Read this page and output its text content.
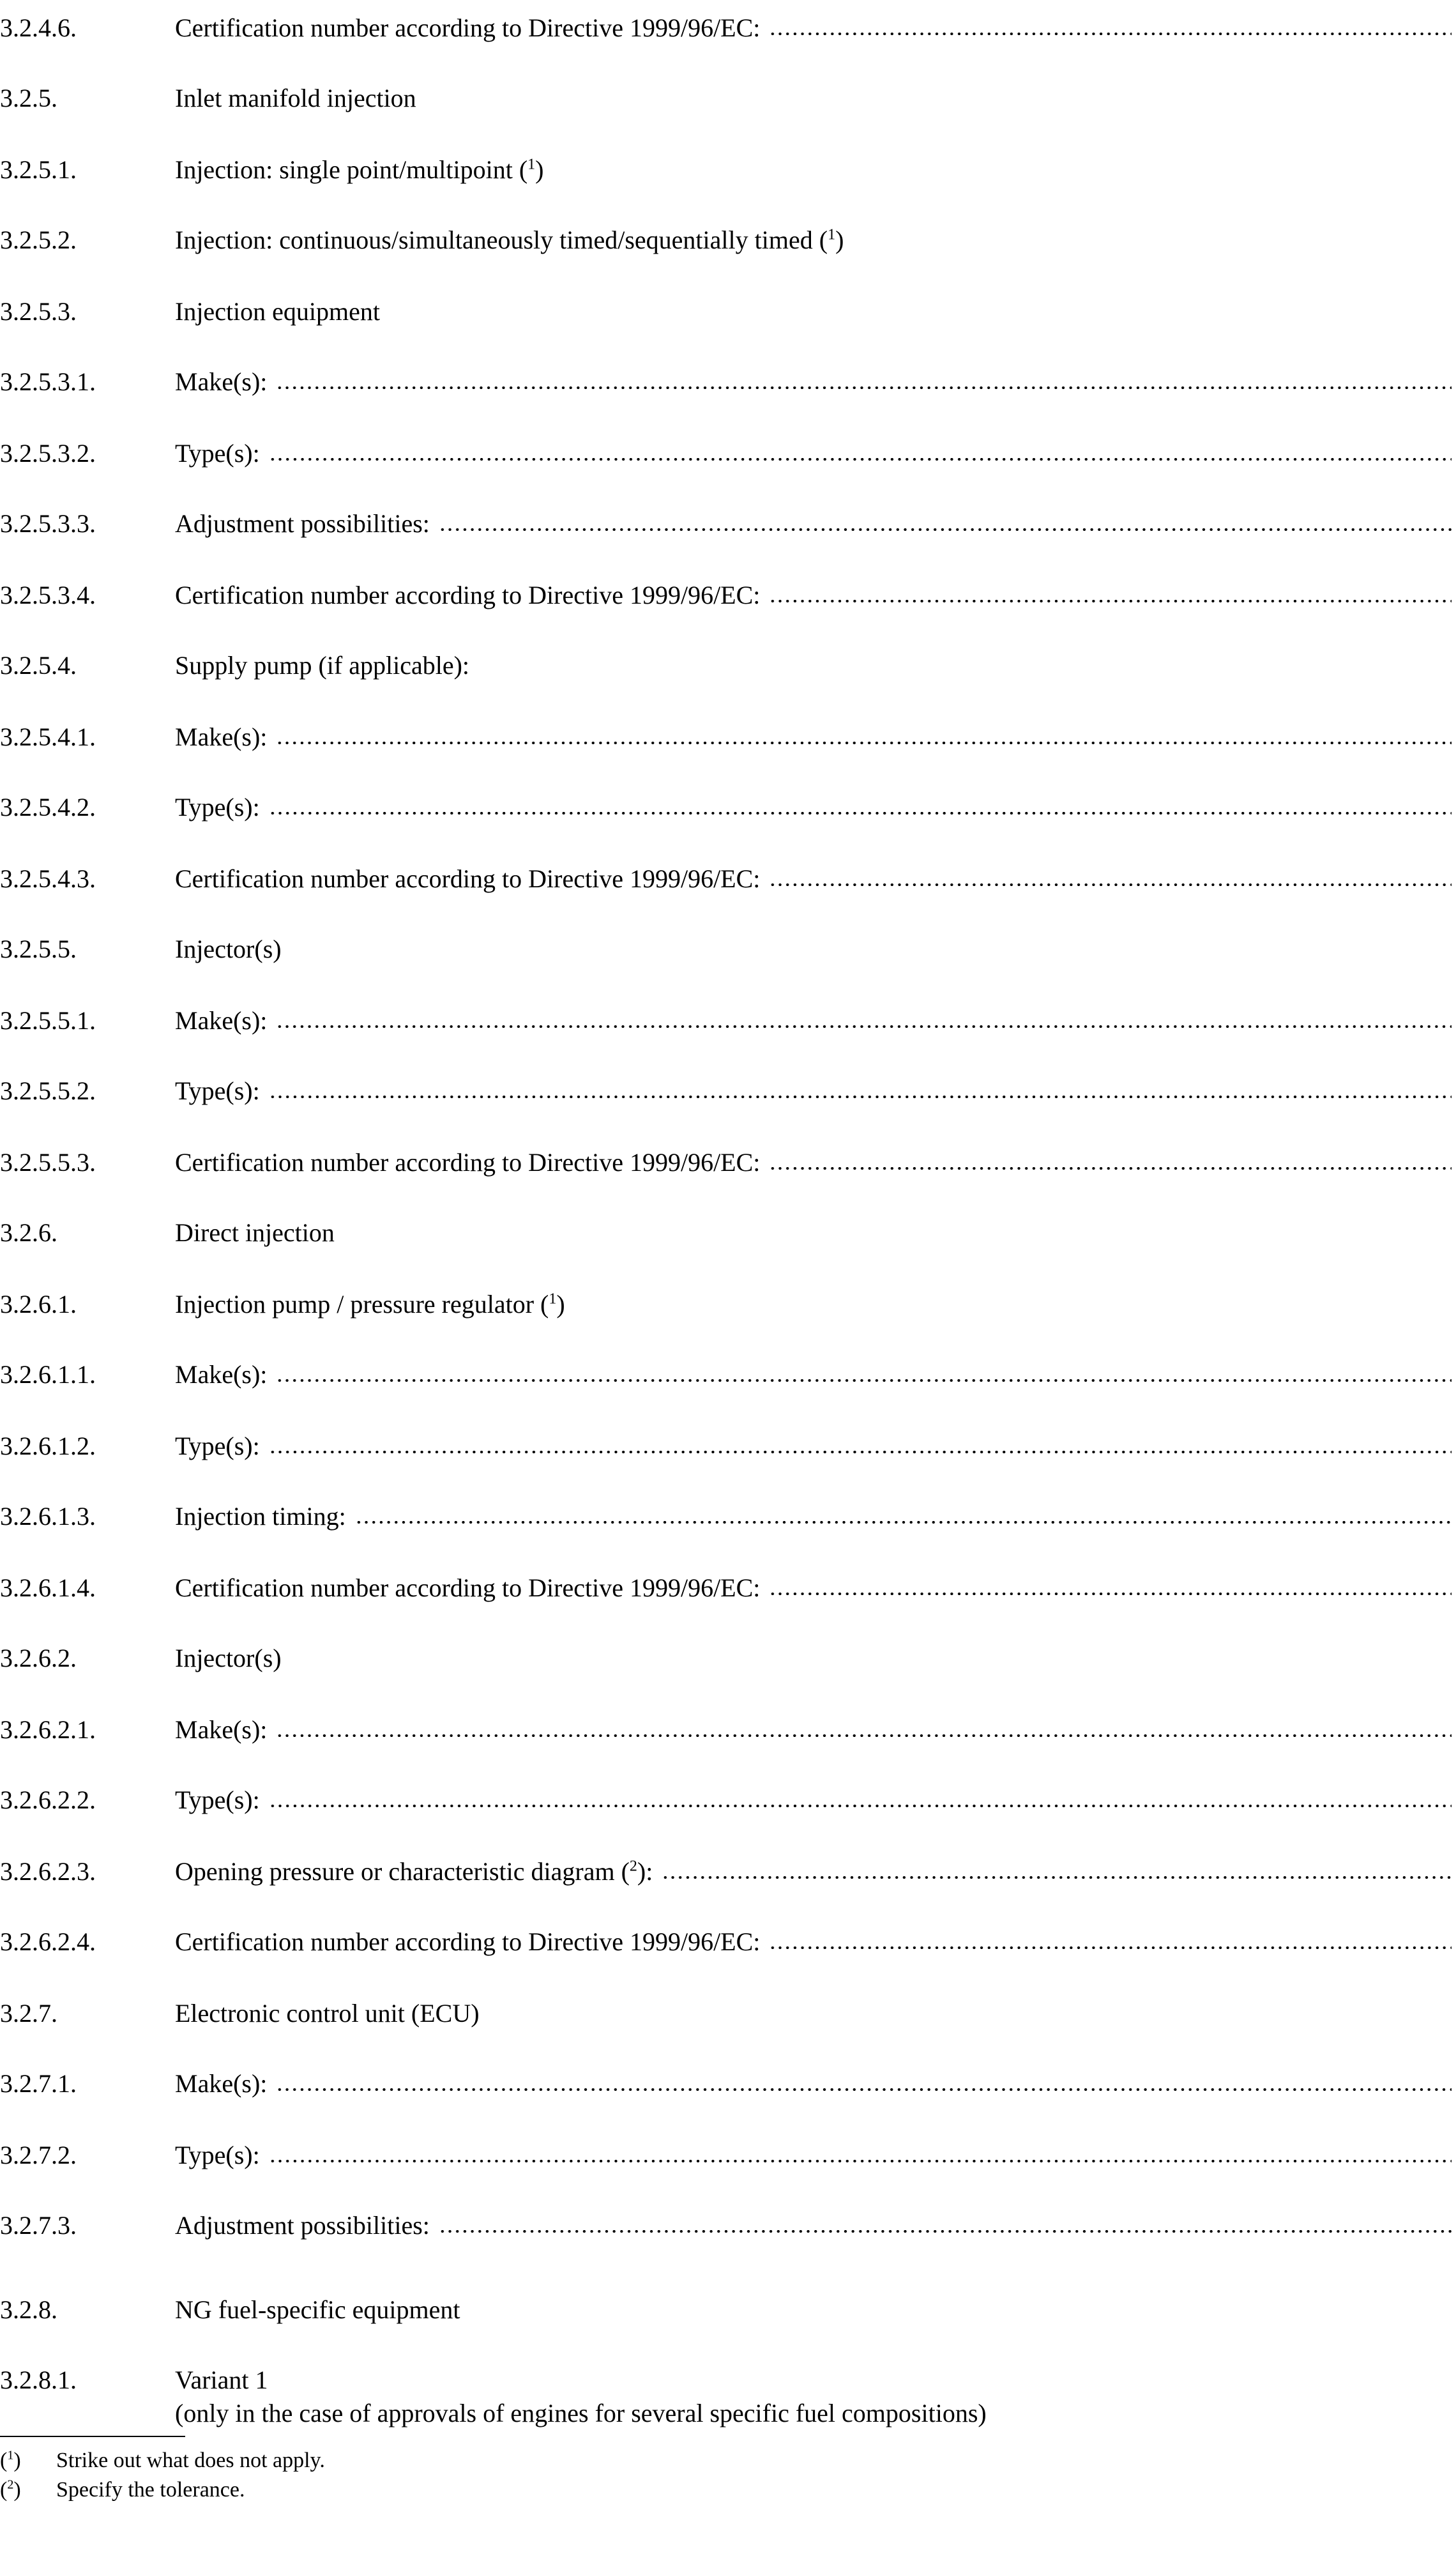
3.2.4.6.	Certification number according to Directive 1999/96/EC:
3.2.5.	Inlet manifold injection
3.2.5.1.	Injection: single point/multipoint ($^1$)
3.2.5.2.	Injection: continuous/simultaneously timed/sequentially timed ($^1$)
3.2.5.3.	Injection equipment
3.2.5.3.1.	Make(s):
3.2.5.3.2.	Type(s):
3.2.5.3.3.	Adjustment possibilities:
3.2.5.3.4.	Certification number according to Directive 1999/96/EC:
3.2.5.4.	Supply pump (if applicable):
3.2.5.4.1.	Make(s):
3.2.5.4.2.	Type(s):
3.2.5.4.3.	Certification number according to Directive 1999/96/EC:
3.2.5.5.	Injector(s)
3.2.5.5.1.	Make(s):
3.2.5.5.2.	Type(s):
3.2.5.5.3.	Certification number according to Directive 1999/96/EC:
3.2.6.	Direct injection
3.2.6.1.	Injection pump / pressure regulator ($^1$)
3.2.6.1.1.	Make(s):
3.2.6.1.2.	Type(s):
3.2.6.1.3.	Injection timing:
3.2.6.1.4.	Certification number according to Directive 1999/96/EC:
3.2.6.2.	Injector(s)
3.2.6.2.1.	Make(s):
3.2.6.2.2.	Type(s):
3.2.6.2.3.	Opening pressure or characteristic diagram ($^2$):
3.2.6.2.4.	Certification number according to Directive 1999/96/EC:
3.2.7.	Electronic control unit (ECU)
3.2.7.1.	Make(s):
3.2.7.2.	Type(s):
3.2.7.3.	Adjustment possibilities:
3.2.8.	NG fuel-specific equipment
3.2.8.1.	Variant 1
(only in the case of approvals of engines for several specific fuel compositions)
($^1$) Strike out what does not apply.
($^2$) Specify the tolerance.
